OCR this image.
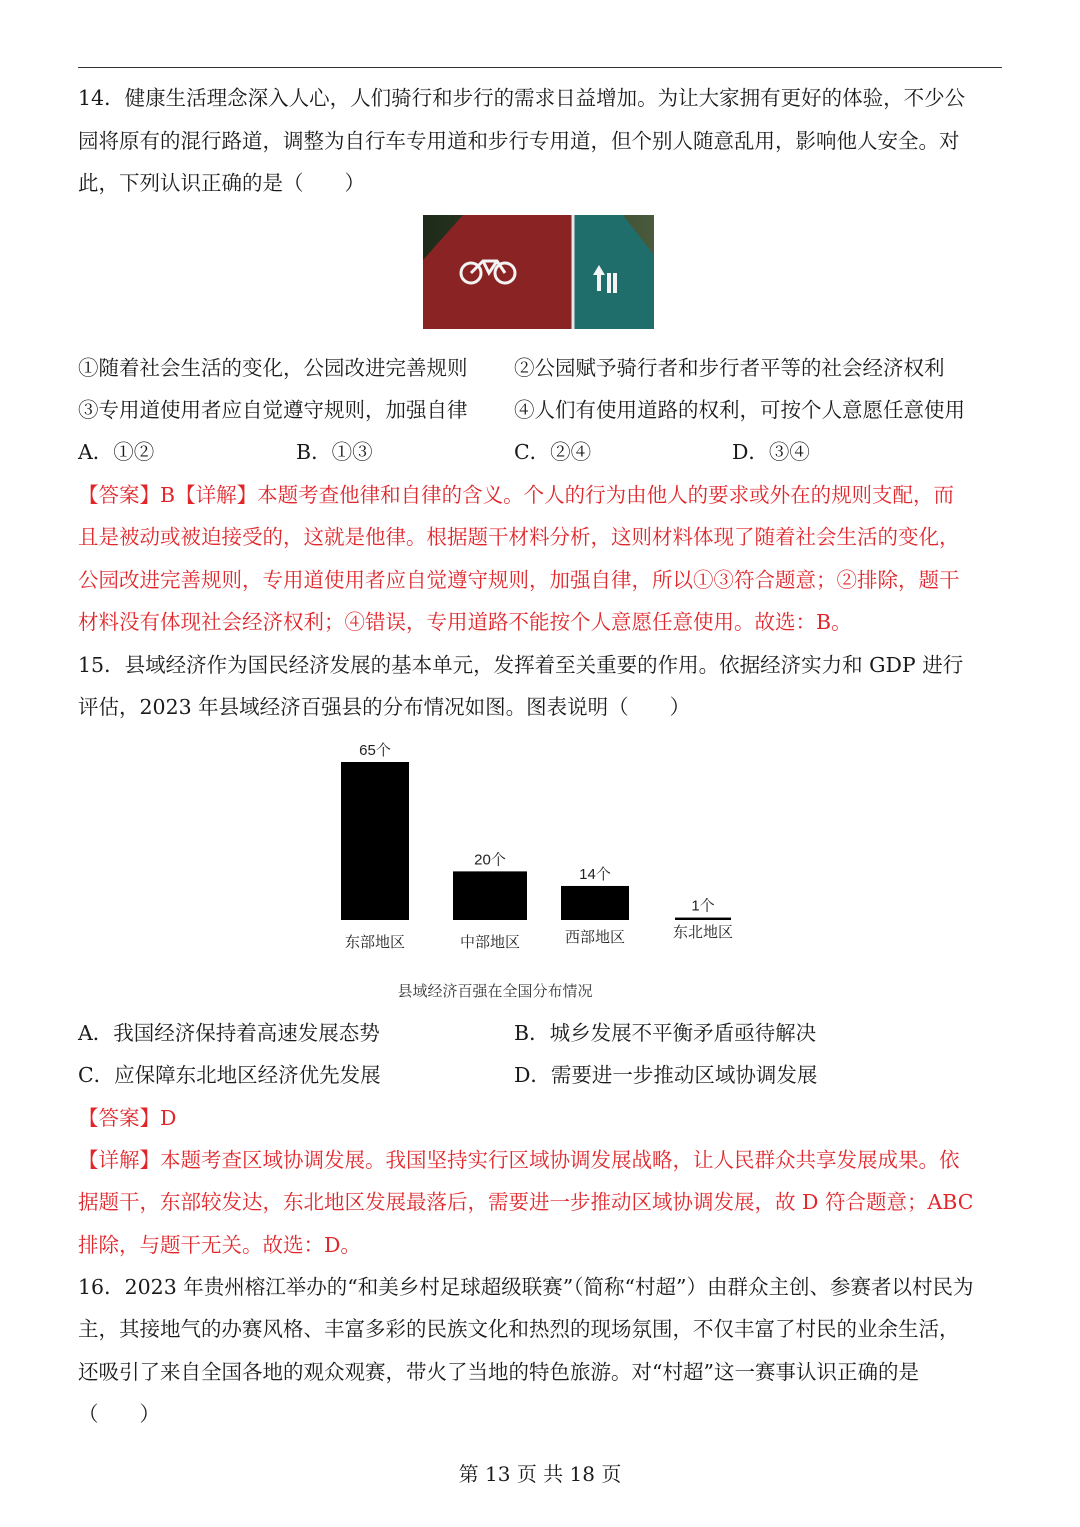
14．健康生活理念深入人心，人们骑行和步行的需求日益增加。为让大家拥有更好的体验，不少公

园将原有的混行路道，调整为自行车专用道和步行专用道，但个别人随意乱用，影响他人安全。对

此，下列认识正确的是（　　）

①随着社会生活的变化，公园改进完善规则 ②公园赋予骑行者和步行者平等的社会经济权利
③专用道使用者应自觉遵守规则，加强自律 ④人们有使用道路的权利，可按个人意愿任意使用
A．①②	B．①③	C．②④	D．③④

【答案】B【详解】本题考查他律和自律的含义。个人的行为由他人的要求或外在的规则支配，而

且是被动或被迫接受的，这就是他律。根据题干材料分析，这则材料体现了随着社会生活的变化，

公园改进完善规则，专用道使用者应自觉遵守规则，加强自律，所以①③符合题意；②排除，题干

材料没有体现社会经济权利；④错误，专用道路不能按个人意愿任意使用。故选：B。

15．县域经济作为国民经济发展的基本单元，发挥着至关重要的作用。依据经济实力和 GDP 进行

评估，2023 年县域经济百强县的分布情况如图。图表说明（　　）

县域经济百强在全国分布情况
65个
东部地区
20个
中部地区
14个
西部地区
1个
东北地区
A．我国经济保持着高速发展态势	B．城乡发展不平衡矛盾亟待解决
C．应保障东北地区经济优先发展	D．需要进一步推动区域协调发展

【答案】D

【详解】本题考查区域协调发展。我国坚持实行区域协调发展战略，让人民群众共享发展成果。依

据题干，东部较发达，东北地区发展最落后，需要进一步推动区域协调发展，故 D 符合题意；ABC

排除，与题干无关。故选：D。

16．2023 年贵州榕江举办的“和美乡村足球超级联赛”（简称“村超”）由群众主创、参赛者以村民为

主，其接地气的办赛风格、丰富多彩的民族文化和热烈的现场氛围，不仅丰富了村民的业余生活，

还吸引了来自全国各地的观众观赛，带火了当地的特色旅游。对“村超”这一赛事认识正确的是

（　　）

第 13 页 共 18 页
